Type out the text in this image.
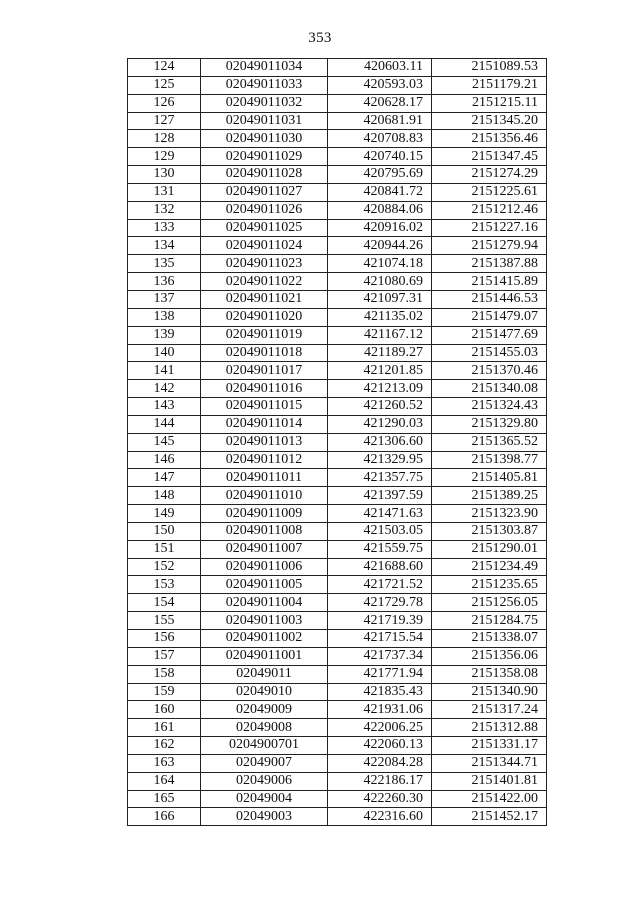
353
124	02049011034	420603.11	2151089.53
125	02049011033	420593.03	2151179.21
126	02049011032	420628.17	2151215.11
127	02049011031	420681.91	2151345.20
128	02049011030	420708.83	2151356.46
129	02049011029	420740.15	2151347.45
130	02049011028	420795.69	2151274.29
131	02049011027	420841.72	2151225.61
132	02049011026	420884.06	2151212.46
133	02049011025	420916.02	2151227.16
134	02049011024	420944.26	2151279.94
135	02049011023	421074.18	2151387.88
136	02049011022	421080.69	2151415.89
137	02049011021	421097.31	2151446.53
138	02049011020	421135.02	2151479.07
139	02049011019	421167.12	2151477.69
140	02049011018	421189.27	2151455.03
141	02049011017	421201.85	2151370.46
142	02049011016	421213.09	2151340.08
143	02049011015	421260.52	2151324.43
144	02049011014	421290.03	2151329.80
145	02049011013	421306.60	2151365.52
146	02049011012	421329.95	2151398.77
147	02049011011	421357.75	2151405.81
148	02049011010	421397.59	2151389.25
149	02049011009	421471.63	2151323.90
150	02049011008	421503.05	2151303.87
151	02049011007	421559.75	2151290.01
152	02049011006	421688.60	2151234.49
153	02049011005	421721.52	2151235.65
154	02049011004	421729.78	2151256.05
155	02049011003	421719.39	2151284.75
156	02049011002	421715.54	2151338.07
157	02049011001	421737.34	2151356.06
158	02049011	421771.94	2151358.08
159	02049010	421835.43	2151340.90
160	02049009	421931.06	2151317.24
161	02049008	422006.25	2151312.88
162	0204900701	422060.13	2151331.17
163	02049007	422084.28	2151344.71
164	02049006	422186.17	2151401.81
165	02049004	422260.30	2151422.00
166	02049003	422316.60	2151452.17
